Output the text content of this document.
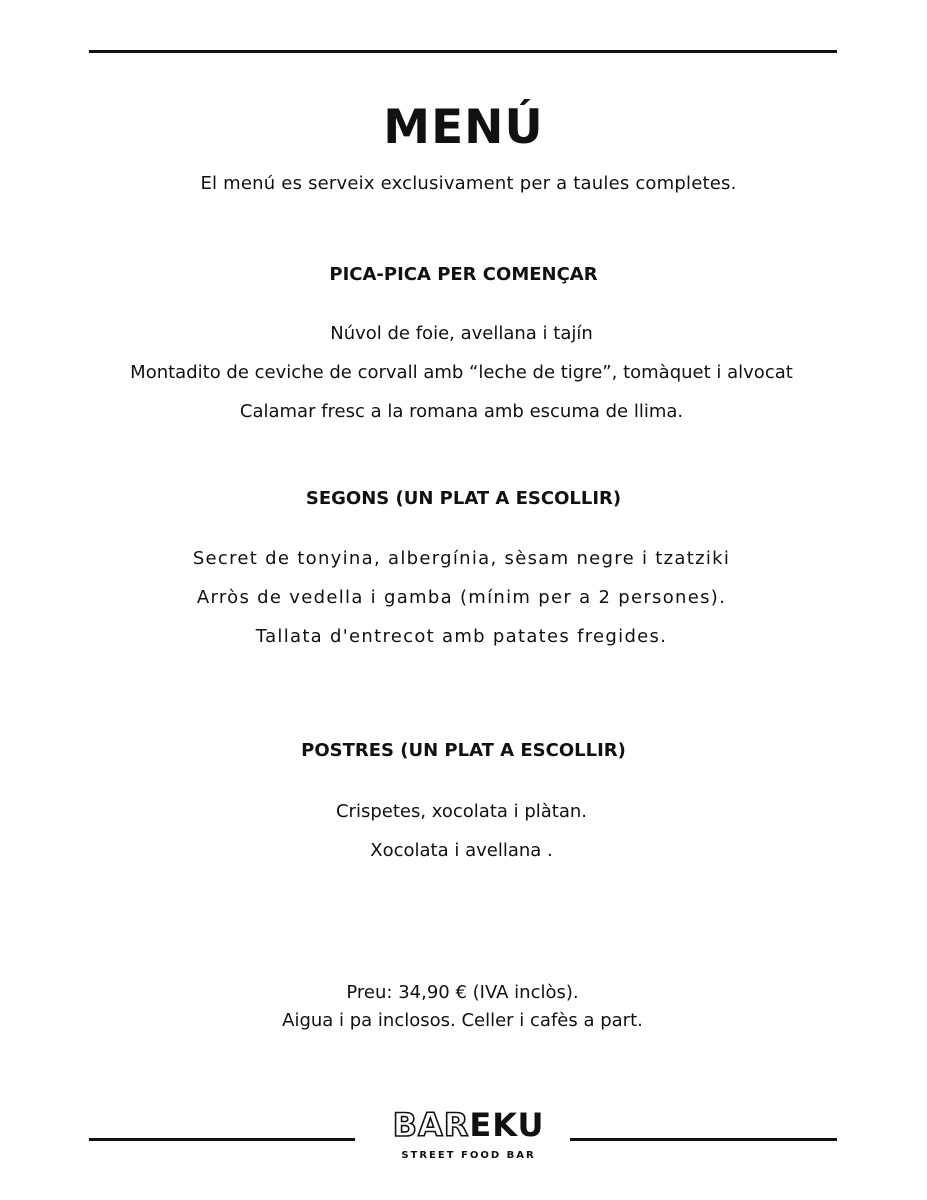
MENÚ
El menú es serveix exclusivament per a taules completes.
PICA-PICA PER COMENÇAR
Núvol de foie, avellana i tajín
Montadito de ceviche de corvall amb “leche de tigre”, tomàquet i alvocat
Calamar fresc a la romana amb escuma de llima.
SEGONS (UN PLAT A ESCOLLIR)
Secret de tonyina, albergínia, sèsam negre i tzatziki
Arròs de vedella i gamba (mínim per a 2 persones).
Tallata d'entrecot amb patates fregides.
POSTRES (UN PLAT A ESCOLLIR)
Crispetes, xocolata i plàtan.
Xocolata i avellana .
Preu: 34,90 € (IVA inclòs).
Aigua i pa inclosos. Celler i cafès a part.
BAREKU
STREET FOOD BAR
